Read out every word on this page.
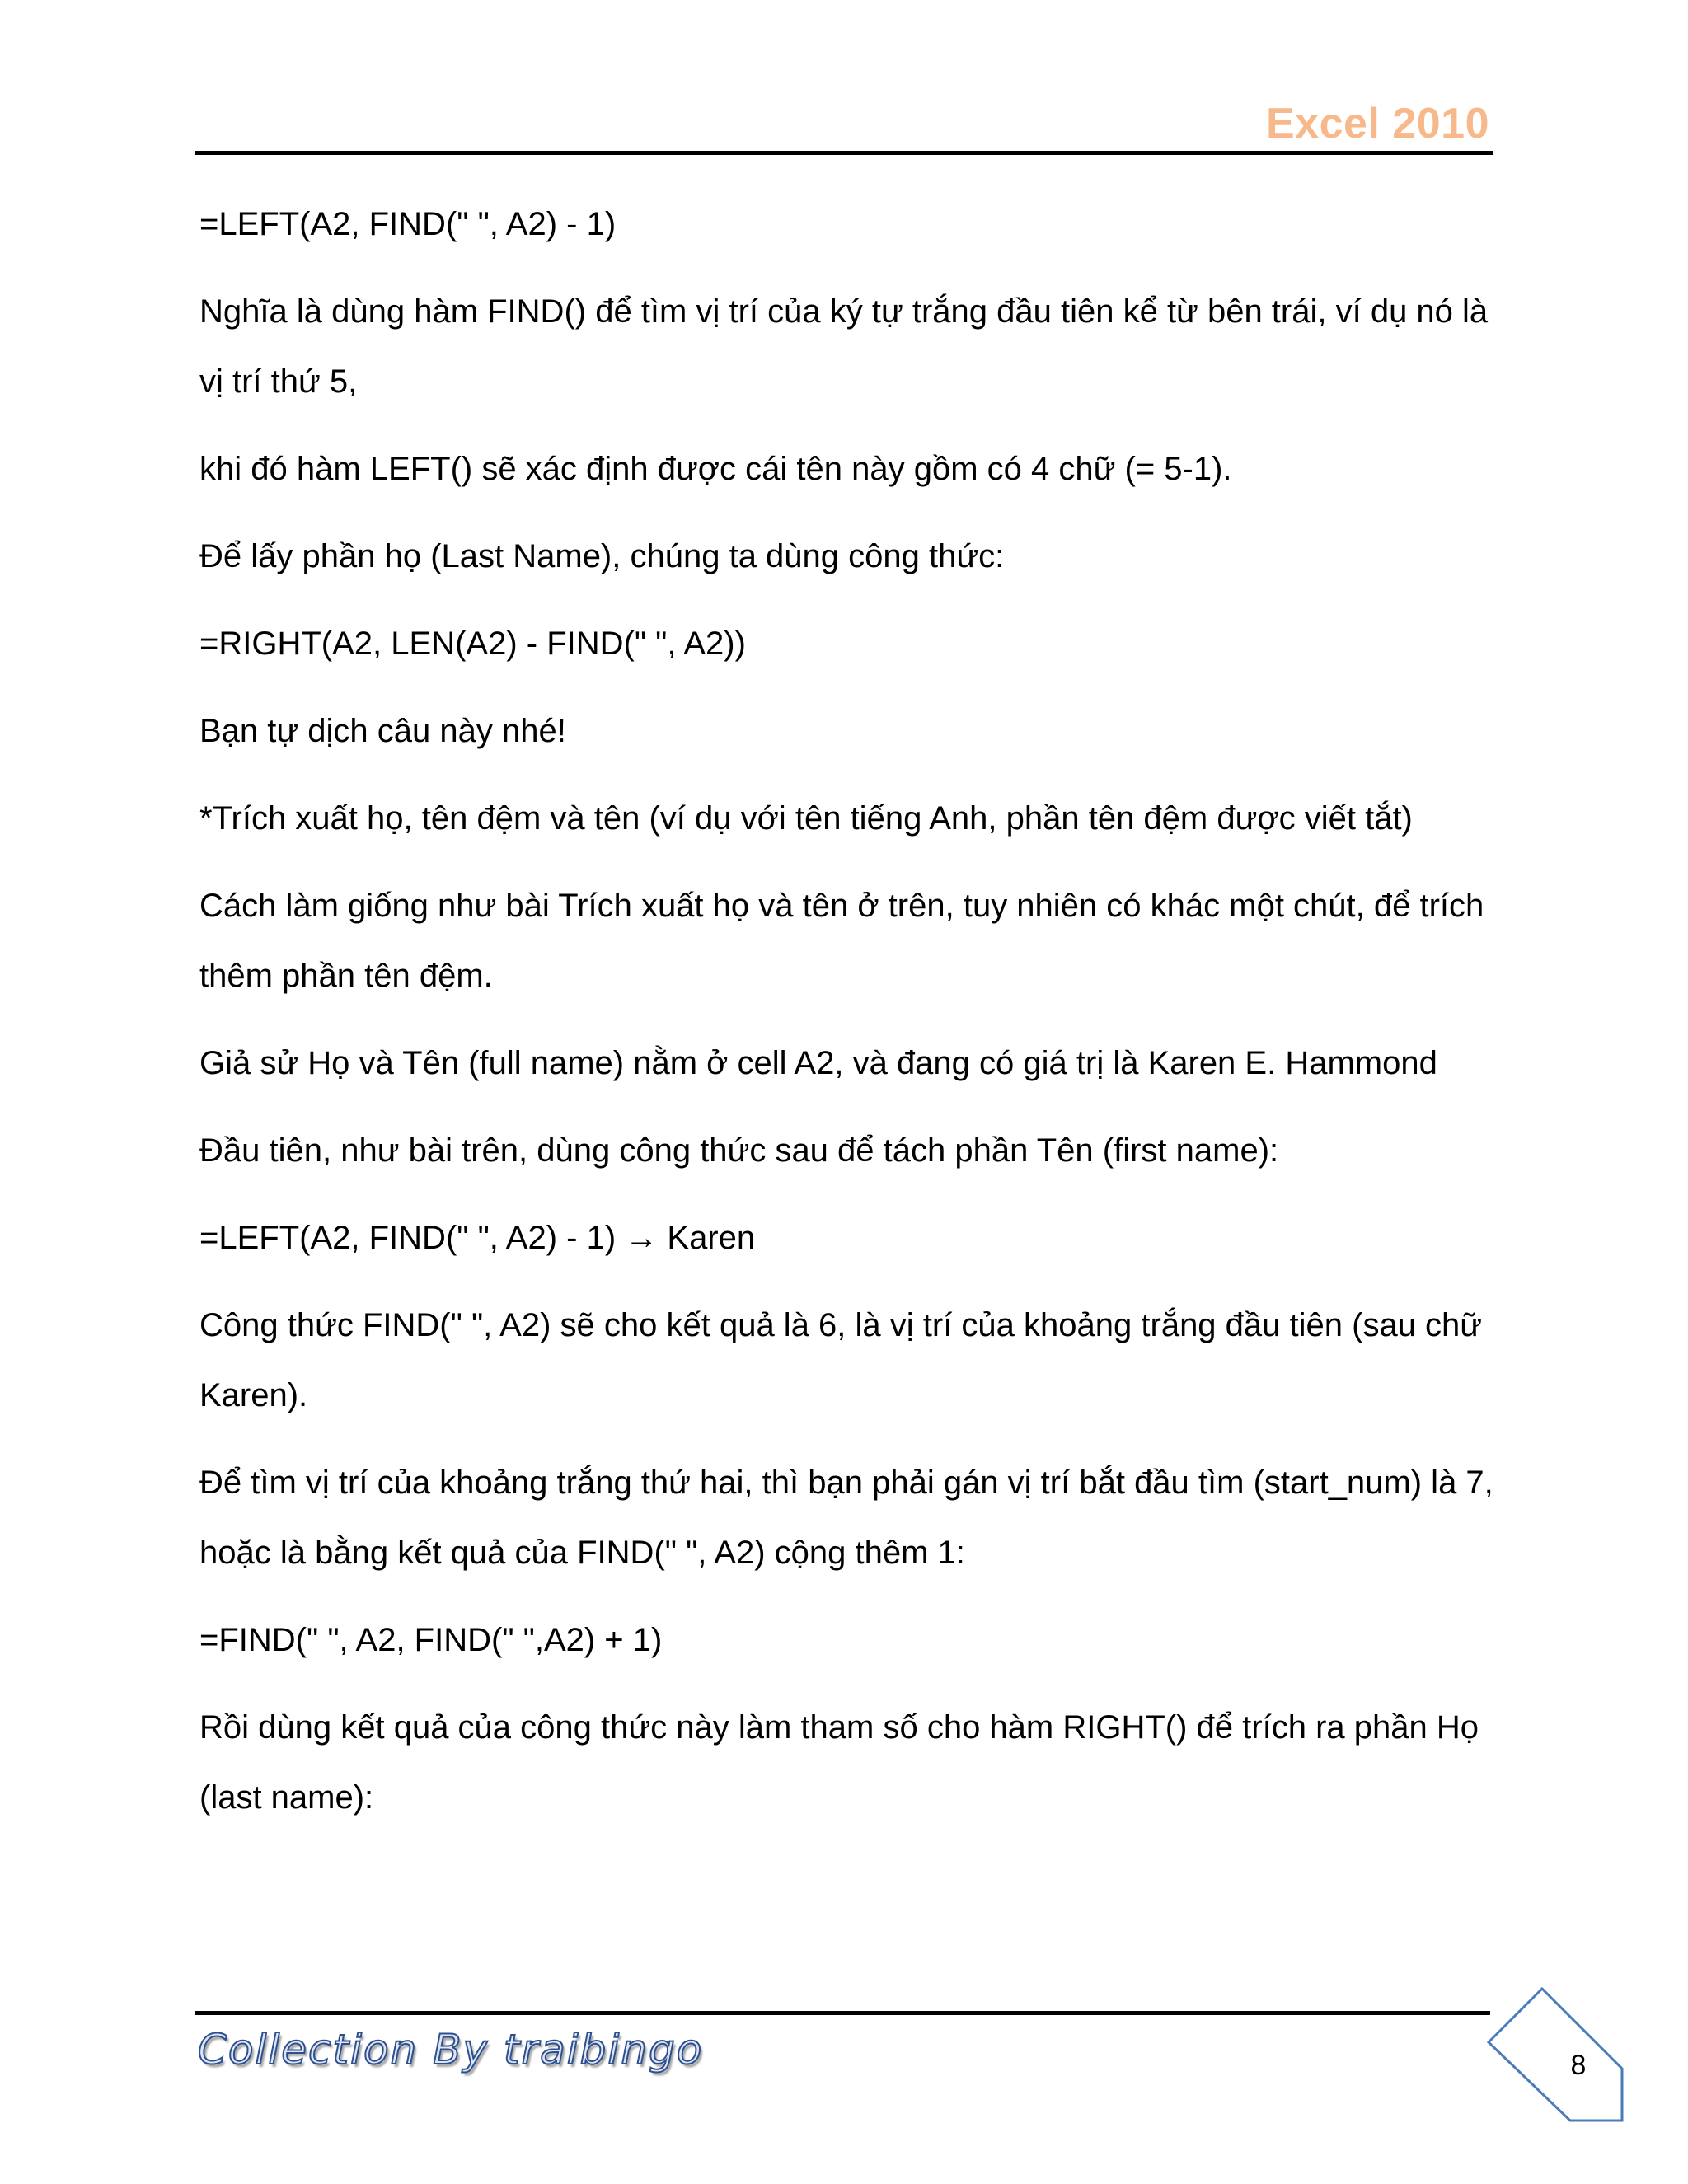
Excel 2010

=LEFT(A2, FIND(" ", A2) - 1)

Nghĩa là dùng hàm FIND() để tìm vị trí của ký tự trắng đầu tiên kể từ bên trái, ví dụ nó là vị trí thứ 5,

khi đó hàm LEFT() sẽ xác định được cái tên này gồm có 4 chữ (= 5-1).

Để lấy phần họ (Last Name), chúng ta dùng công thức:

=RIGHT(A2, LEN(A2) - FIND(" ", A2))

Bạn tự dịch câu này nhé!

*Trích xuất họ, tên đệm và tên (ví dụ với tên tiếng Anh, phần tên đệm được viết tắt)

Cách làm giống như bài Trích xuất họ và tên ở trên, tuy nhiên có khác một chút, để trích thêm phần tên đệm.

Giả sử Họ và Tên (full name) nằm ở cell A2, và đang có giá trị là Karen E. Hammond

Đầu tiên, như bài trên, dùng công thức sau để tách phần Tên (first name):

=LEFT(A2, FIND(" ", A2) - 1) → Karen

Công thức FIND(" ", A2) sẽ cho kết quả là 6, là vị trí của khoảng trắng đầu tiên (sau chữ Karen).

Để tìm vị trí của khoảng trắng thứ hai, thì bạn phải gán vị trí bắt đầu tìm (start_num) là 7, hoặc là bằng kết quả của FIND(" ", A2) cộng thêm 1:

=FIND(" ", A2, FIND(" ",A2) + 1)

Rồi dùng kết quả của công thức này làm tham số cho hàm RIGHT() để trích ra phần Họ (last name):

Collection By traibingo	8
